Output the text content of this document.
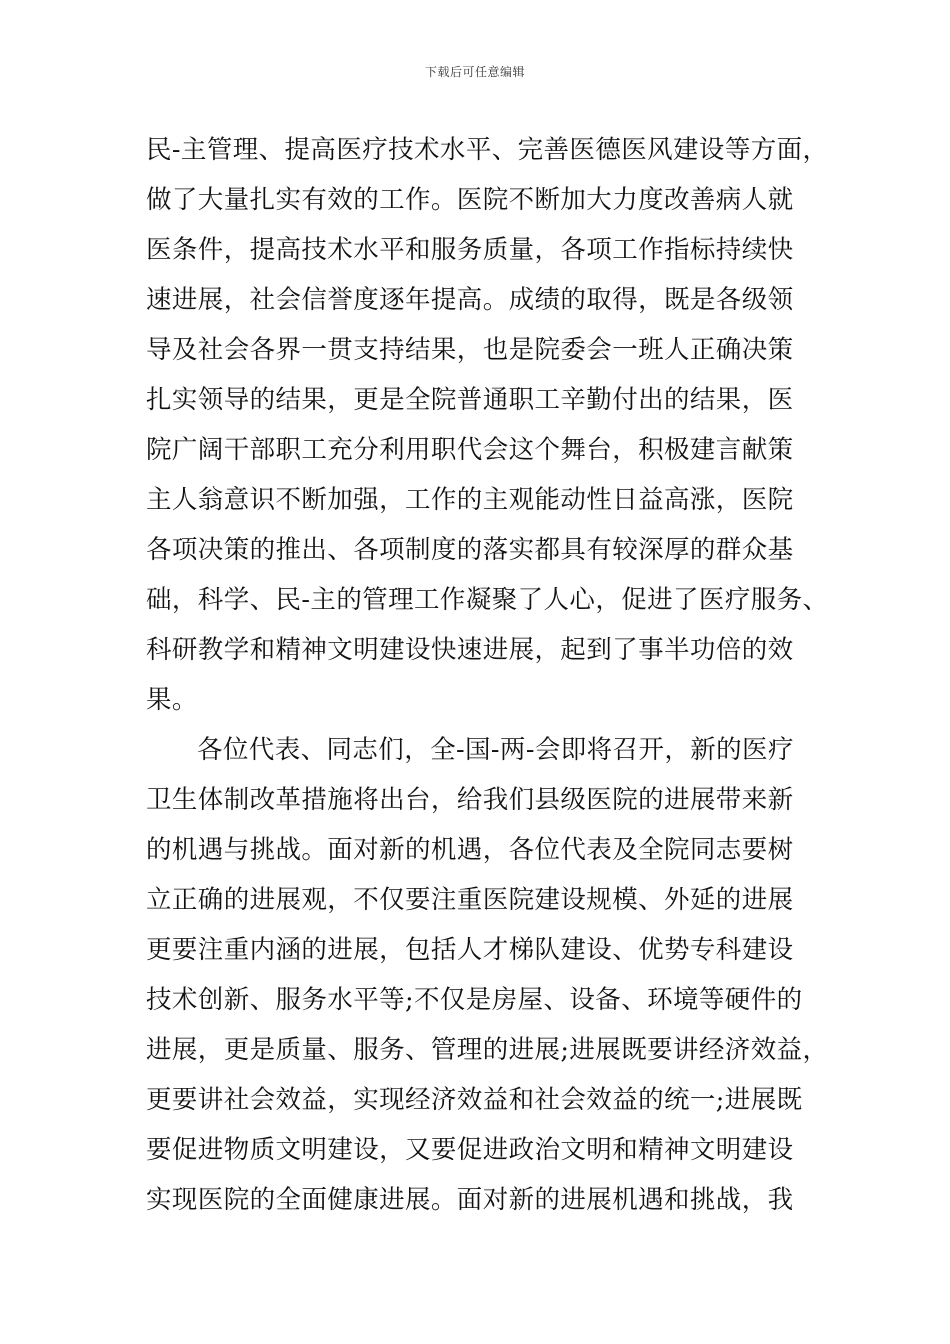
下载后可任意编辑
民-主管理、提高医疗技术水平、完善医德医风建设等方面，
做了大量扎实有效的工作。医院不断加大力度改善病人就
医条件，提高技术水平和服务质量，各项工作指标持续快
速进展，社会信誉度逐年提高。成绩的取得，既是各级领
导及社会各界一贯支持结果，也是院委会一班人正确决策
扎实领导的结果，更是全院普通职工辛勤付出的结果，医
院广阔干部职工充分利用职代会这个舞台，积极建言献策
主人翁意识不断加强，工作的主观能动性日益高涨，医院
各项决策的推出、各项制度的落实都具有较深厚的群众基
础，科学、民-主的管理工作凝聚了人心，促进了医疗服务、
科研教学和精神文明建设快速进展，起到了事半功倍的效
果。
各位代表、同志们，全-国-两-会即将召开，新的医疗
卫生体制改革措施将出台，给我们县级医院的进展带来新
的机遇与挑战。面对新的机遇，各位代表及全院同志要树
立正确的进展观，不仅要注重医院建设规模、外延的进展
更要注重内涵的进展，包括人才梯队建设、优势专科建设
技术创新、服务水平等;不仅是房屋、设备、环境等硬件的
进展，更是质量、服务、管理的进展;进展既要讲经济效益，
更要讲社会效益，实现经济效益和社会效益的统一;进展既
要促进物质文明建设，又要促进政治文明和精神文明建设
实现医院的全面健康进展。面对新的进展机遇和挑战，我
